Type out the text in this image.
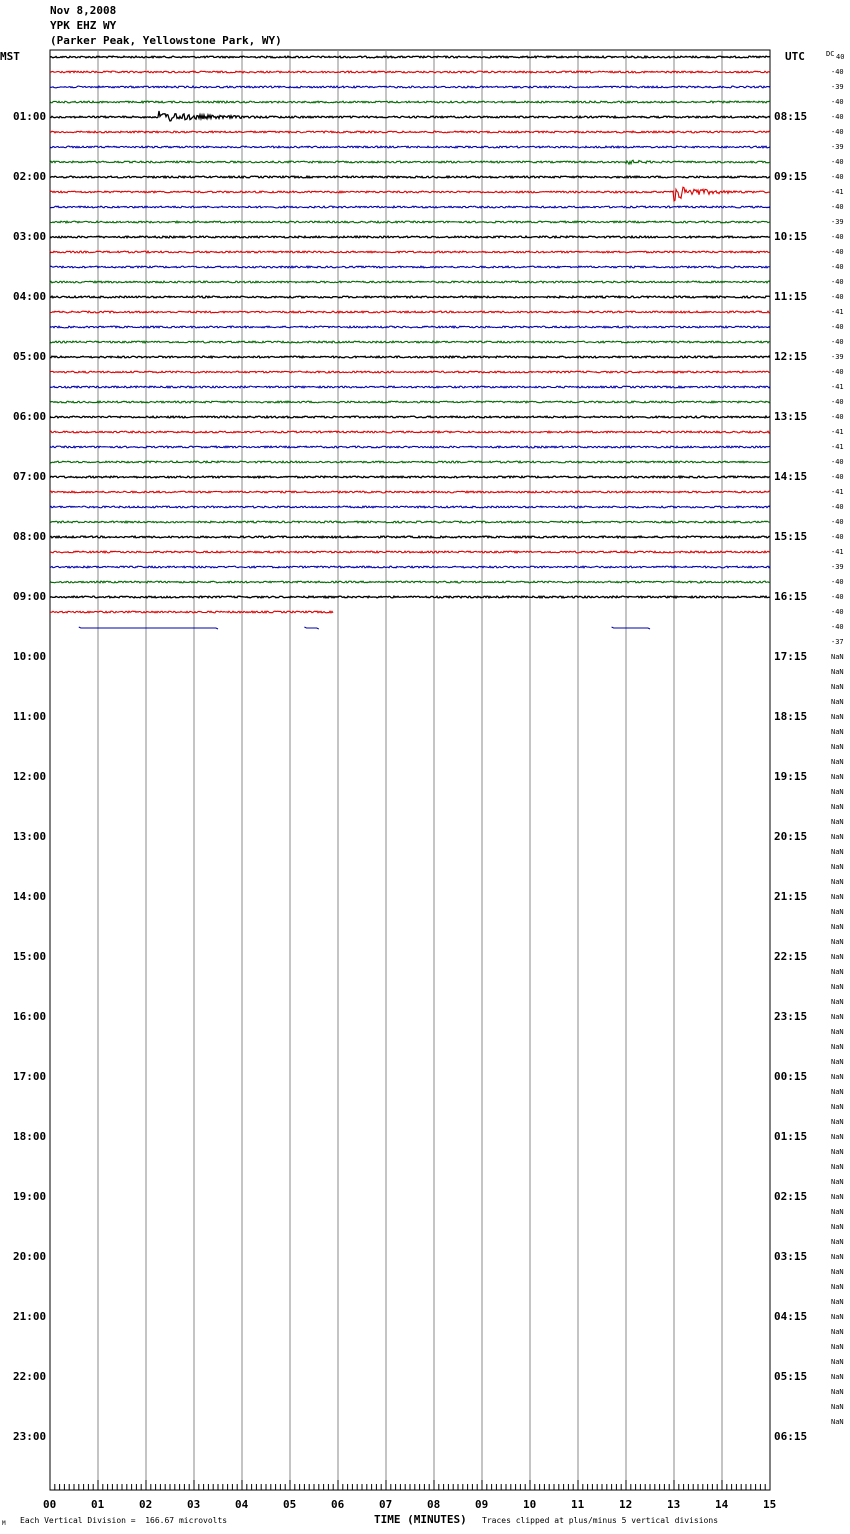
Nov 8,2008
YPK EHZ WY
(Parker Peak, Yellowstone Park, WY)
MST	UTC	DC
01:00
02:00
03:00
04:00
05:00
06:00
07:00
08:00
09:00
10:00
11:00
12:00
13:00
14:00
15:00
16:00
17:00
18:00
19:00
20:00
21:00
22:00
23:00
08:15
09:15
10:15
11:15
12:15
13:15
14:15
15:15
16:15
17:15
18:15
19:15
20:15
21:15
22:15
23:15
00:15
01:15
02:15
03:15
04:15
05:15
06:15
40
-40
-39
-40
-40
-40
-39
-40
-40
-41
-40
-39
-40
-40
-40
-40
-40
-41
-40
-40
-39
-40
-41
-40
-40
-41
-41
-40
-40
-41
-40
-40
-40
-41
-39
-40
-40
-40
-40
-37
NaN
NaN
NaN
NaN
NaN
NaN
NaN
NaN
NaN
NaN
NaN
NaN
NaN
NaN
NaN
NaN
NaN
NaN
NaN
NaN
NaN
NaN
NaN
NaN
NaN
NaN
NaN
NaN
NaN
NaN
NaN
NaN
NaN
NaN
NaN
NaN
NaN
NaN
NaN
NaN
NaN
NaN
NaN
NaN
NaN
NaN
NaN
NaN
NaN
NaN
NaN
NaN
00	01	02	03	04	05	06	07	08	09	10	11	12	13	14	15
M Each Vertical Division =  166.67 microvolts	TIME (MINUTES) Traces clipped at plus/minus 5 vertical divisions
